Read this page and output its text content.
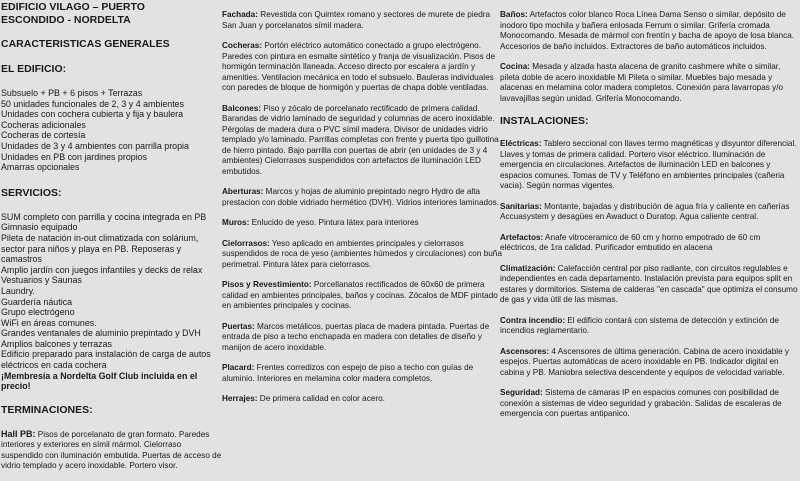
EDIFICIO VILAGO – PUERTO ESCONDIDO - NORDELTA
CARACTERISTICAS GENERALES
EL EDIFICIO:
Subsuelo + PB + 6 pisos + Terrazas
50 unidades funcionales de 2, 3 y 4 ambientes
Unidades con cochera cubierta y fija y baulera
Cocheras adicionales
Cocheras de cortesía
Unidades de 3 y 4 ambientes con parrilla propia
Unidades en PB con jardines propios
Amarras opcionales
SERVICIOS:
SUM completo con parrilla y cocina integrada en PB
Gimnasio equipado
Pileta de natación in-out climatizada con solárium, sector para niños y playa en PB. Reposeras y camastros
Amplio jardín con juegos infantiles y decks de relax
Vestuarios y Saunas
Laundry.
Guardería náutica
Grupo electrógeno
WiFi en áreas comunes.
Grandes ventanales de aluminio prepintado y DVH
Amplios balcones y terrazas
Edificio preparado para instalación de carga de autos eléctricos en cada cochera
¡Membresía a Nordelta Golf Club incluida en el precio!
TERMINACIONES:
Hall PB: Pisos de porcelanato de gran formato. Paredes interiores y exteriores en símil mármol. Cielorraso suspendido con iluminación embutida. Puertas de acceso de vidrio templado y acero inoxidable. Portero visor.
Fachada: Revestida con Quimtex romano y sectores de murete de piedra San Juan y porcelanatos símil madera.
Cocheras: Portón eléctrico automático conectado a grupo electrógeno. Paredes con pintura en esmalte sintético y franja de visualización. Pisos de hormigón terminación llaneada. Acceso directo por escalera a jardín y amenities. Ventilacion mecánica en todo el subsuelo. Bauleras individuales con paredes de bloque de hormigón y puertas de chapa doble ventiladas.
Balcones: Piso y zócalo de porcelanato rectificado de primera calidad. Barandas de vidrio laminado de seguridad y columnas de acero inoxidable. Pérgolas de madera dura o PVC símil madera. Divisor de unidades vidrio templado y/o laminado. Parrillas completas con frente y puerta tipo guillotina de hierro pintado. Bajo parrilla con puertas de abrir (en unidades de 3 y 4 ambientes) Cielorrasos suspendidos con artefactos de iluminación LED embutidos.
Aberturas: Marcos y hojas de aluminio prepintado negro Hydro de alta prestacion con doble vidriado hermético (DVH). Vidrios interiores laminados.
Muros: Enlucido de yeso. Pintura látex para interiores
Cielorrasos: Yeso aplicado en ambientes principales y cielorrasos suspendidos de roca de yeso (ambientes húmedos y circulaciones) con buña perimetral. Pintura látex para cielorrasos.
Pisos y Revestimiento: Porcellanatos rectificados de 60x60 de primera calidad en ambientes principales, baños y cocinas. Zócalos de MDF pintado en ambientes principales y cocinas.
Puertas: Marcos metálicos, puertas placa de madera pintada. Puertas de entrada de piso a techo enchapada en madera con detalles de diseño y manijon de acero inoxidable.
Placard: Frentes corredizos con espejo de piso a techo con guías de aluminio. Interiores en melamina color madera completos.
Herrajes: De primera calidad en color acero.
Baños: Artefactos color blanco Roca Línea Dama Senso o similar, depósito de inodoro tipo mochila y bañera enlosada Ferrum o similar. Grifería cromada Monocomando. Mesada de mármol con frentín y bacha de apoyo de losa blanca. Accesorios de baño incluidos. Extractores de baño automáticos incluidos.
Cocina: Mesada y alzada hasta alacena de granito cashmere white o similar, pileta doble de acero inoxidable Mi Pileta o similar. Muebles bajo mesada y alacenas en melamina color madera completos. Conexión para lavarropas y/o lavavajillas según unidad. Grifería Monocomando.
INSTALACIONES:
Eléctricas: Tablero seccional con llaves termo magnéticas y disyuntor diferencial. Llaves y tomas de primera calidad. Portero visor eléctrico. Iluminación de emergencia en circulaciones. Artefactos de iluminación LED en balcones y espacios comunes. Tomas de TV y Teléfono en ambientes principales (cañeria vacia). Según normas vigentes.
Sanitarias: Montante, bajadas y distribución de agua fría y caliente en cañerías Accuasystem y desagües en Awaduct o Duratop. Agua caliente central.
Artefactos: Anafe vitroceramico de 60 cm y horno empotrado de 60 cm eléctricos, de 1ra calidad. Purificador embutido en alacena
Climatización: Calefacción central por piso radiante, con circuitos regulables e independientes en cada departamento. Instalación prevista para equipos split en estares y dormitorios. Sistema de calderas "en cascada" que optimiza el consumo de gas y vida útil de las mismas.
Contra incendio: El edificio contará con sistema de detección y extinción de incendios reglamentario.
Ascensores: 4 Ascensores de última generación. Cabina de acero inoxidable y espejos. Puertas automáticas de acero inoxidable en PB. Indicador digital en cabina y PB. Maniobra selectiva descendente y equipos de velocidad variable.
Seguridad: Sistema de cámaras IP en espacios comunes con posibilidad de conexión a sistemas de video seguridad y grabación. Salidas de escaleras de emergencia con puertas antipanico.
